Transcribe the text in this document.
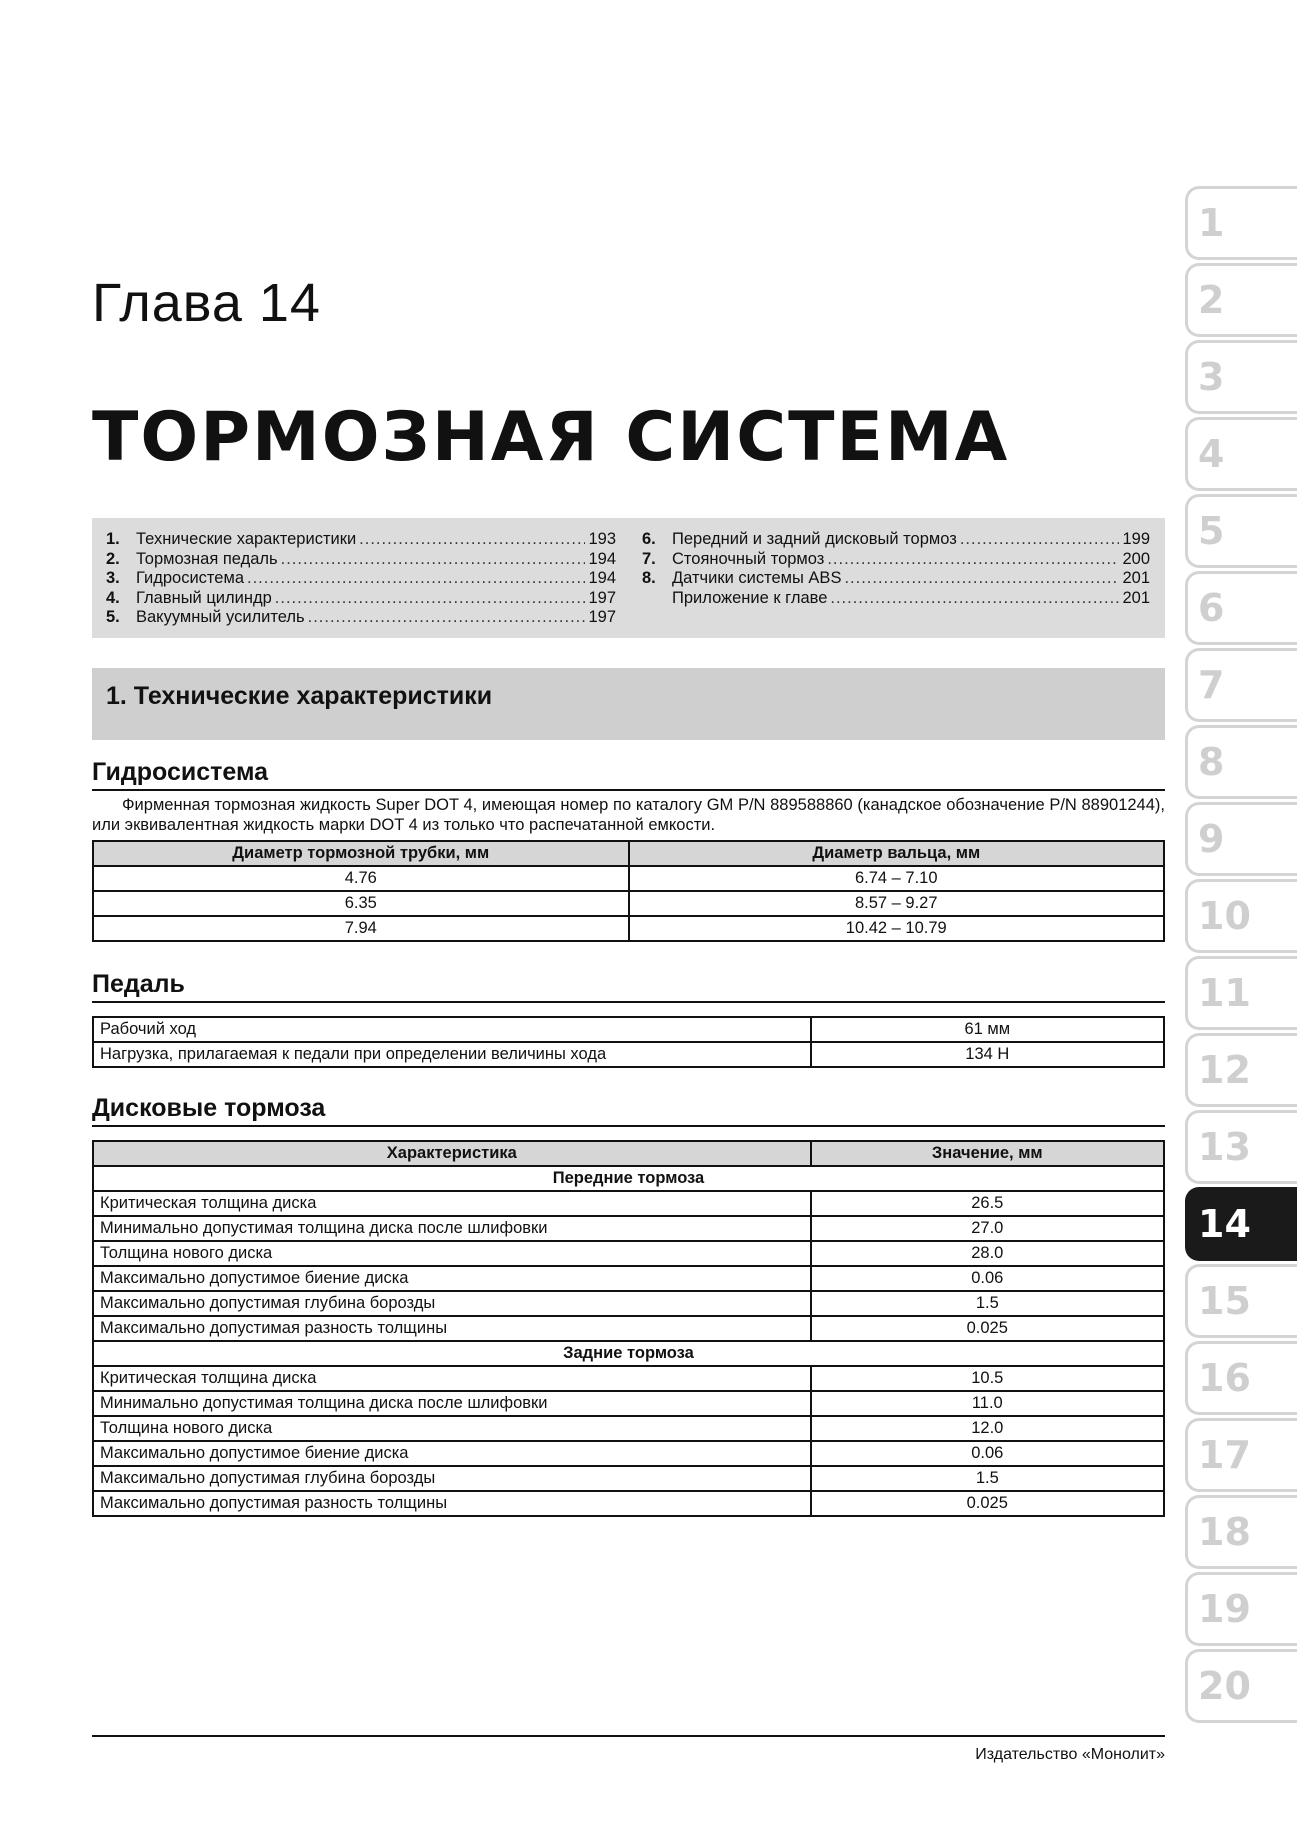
Глава 14
ТОРМОЗНАЯ СИСТЕМА
1. Технические характеристики .....	193
2. Тормозная педаль .....	194
3. Гидросистема .....	194
4. Главный цилиндр .....	197
5. Вакуумный усилитель .....	197
6. Передний и задний дисковый тормоз .....	199
7. Стояночный тормоз .....	200
8. Датчики системы ABS .....	201
Приложение к главе .....	201
1. Технические характеристики
Гидросистема
Фирменная тормозная жидкость Super DOT 4, имеющая номер по каталогу GM P/N 889588860 (канадское обозначение P/N 88901244), или эквивалентная жидкость марки DOT 4 из только что распечатанной емкости.
Диаметр тормозной трубки, мм	Диаметр вальца, мм
4.76	6.74 – 7.10
6.35	8.57 – 9.27
7.94	10.42 – 10.79
Педаль
Рабочий ход	61 мм
Нагрузка, прилагаемая к педали при определении величины хода	134 Н
Дисковые тормоза
Характеристика	Значение, мм
Передние тормоза	
Критическая толщина диска	26.5
Минимально допустимая толщина диска после шлифовки	27.0
Толщина нового диска	28.0
Максимально допустимое биение диска	0.06
Максимально допустимая глубина борозды	1.5
Максимально допустимая разность толщины	0.025
Задние тормоза	
Критическая толщина диска	10.5
Минимально допустимая толщина диска после шлифовки	11.0
Толщина нового диска	12.0
Максимально допустимое биение диска	0.06
Максимально допустимая глубина борозды	1.5
Максимально допустимая разность толщины	0.025
1
2
3
4
5
6
7
8
9
10
11
12
13
14
15
16
17
18
19
20
Издательство «Монолит»
